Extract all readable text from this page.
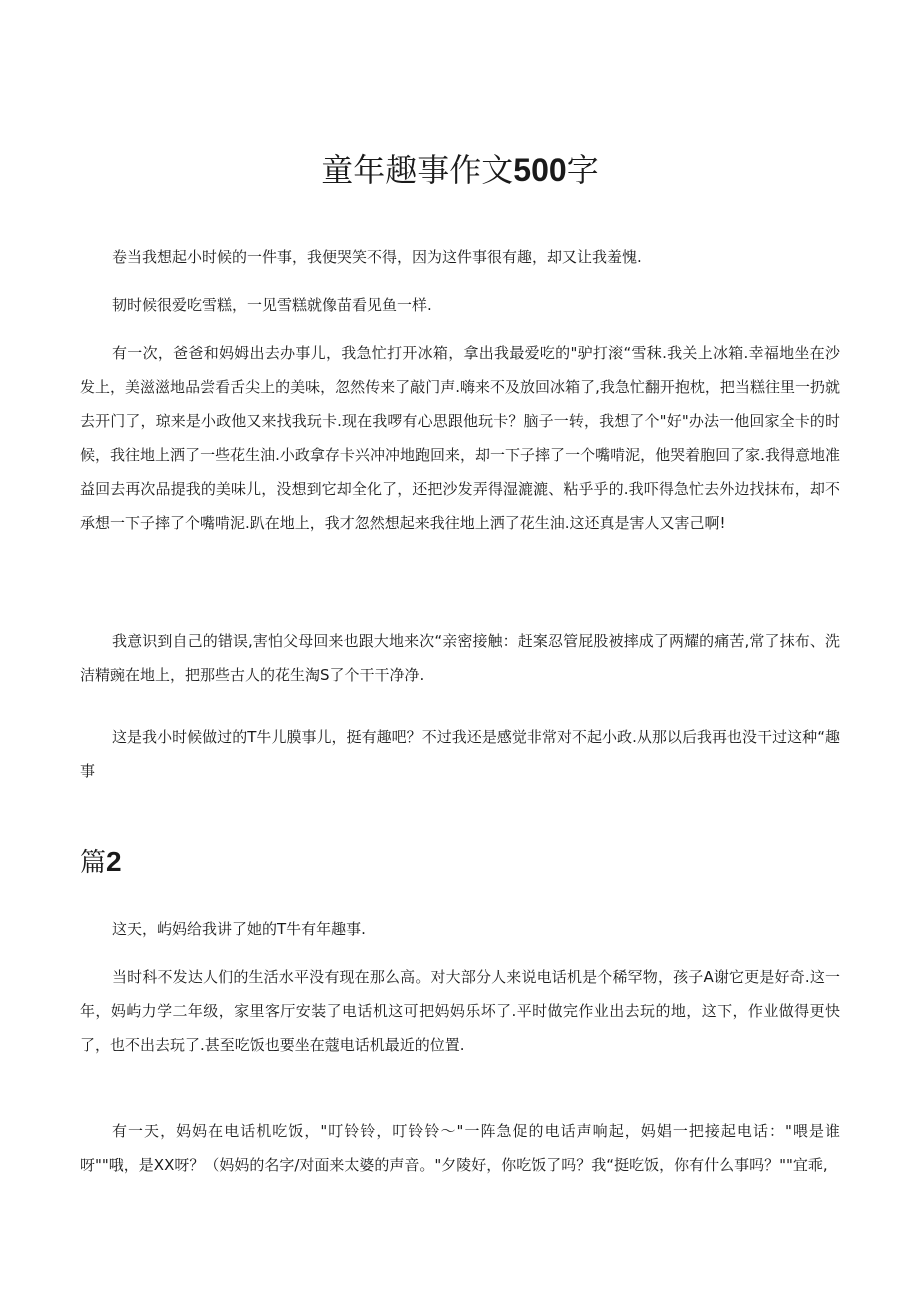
童年趣事作文500字

卷当我想起小时候的一件事，我便哭笑不得，因为这件事很有趣，却又让我羞愧.

韧时候很爱吃雪糕，一见雪糕就像苗看见鱼一样.

有一次，爸爸和妈姆出去办事儿，我急忙打开冰箱，拿出我最爱吃的"驴打滚“雪秣.我关上冰箱.幸福地坐在沙发上，美滋滋地品尝看舌尖上的美味，忽然传来了敲门声.嗨来不及放回冰箱了,我急忙翻开抱枕，把当糕往里一扔就去开门了，琼来是小政他又来找我玩卡.现在我啰有心思跟他玩卡？脑子一转，我想了个"好"办法一他回家全卡的时候，我往地上洒了一些花生油.小政拿存卡兴冲冲地跑回来，却一下子摔了一个嘴啃泥，他哭着胞回了家.我得意地准益回去再次品提我的美味儿，没想到它却全化了，还把沙发弄得湿漉漉、粘乎乎的.我吓得急忙去外边找抹布，却不承想一下子摔了个嘴啃泥.趴在地上，我才忽然想起来我往地上洒了花生油.这还真是害人又害己啊!

我意识到自己的错误,害怕父母回来也跟大地来次“亲密接触：赶案忍管屁股被摔成了两耀的痛苦,常了抹布、洗洁精豌在地上，把那些古人的花生淘S了个干干净净.

这是我小时候做过的T牛儿膜事儿，挺有趣吧？不过我还是感觉非常对不起小政.从那以后我再也没干过这种“趣事

篇2

这天，屿妈给我讲了她的T牛有年趣事.

当时科不发达人们的生活水平没有现在那么高。对大部分人来说电话机是个稀罕物，孩子A谢它更是好奇.这一年，妈屿力学二年级，家里客厅安装了电话机这可把妈妈乐坏了.平时做完作业出去玩的地，这下，作业做得更快了，也不出去玩了.甚至吃饭也要坐在蔻电话机最近的位置.

有一天，妈妈在电话机吃饭，"叮铃铃，叮铃铃〜"一阵急促的电话声响起，妈娼一把接起电话："喂是谁呀""哦，是XX呀？（妈妈的名字/对面来太婆的声音。"夕陵好，你吃饭了吗？我“挺吃饭，你有什么事吗？""宜乖,
